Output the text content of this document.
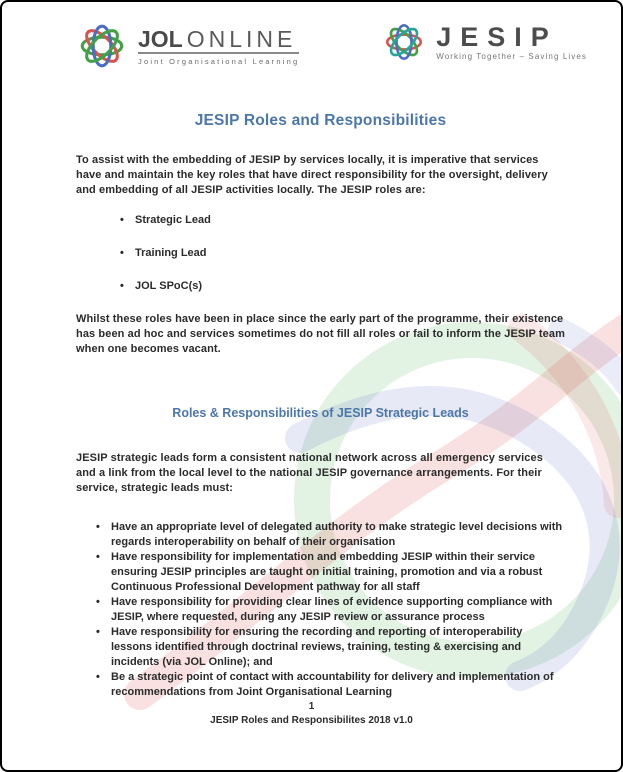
JOL ONLINE
Joint Organisational Learning
JESIP
Working Together – Saving Lives
JESIP Roles and Responsibilities

To assist with the embedding of JESIP by services locally, it is imperative that services have and maintain the key roles that have direct responsibility for the oversight, delivery and embedding of all JESIP activities locally. The JESIP roles are:

• Strategic Lead
• Training Lead
• JOL SPoC(s)

Whilst these roles have been in place since the early part of the programme, their existence has been ad hoc and services sometimes do not fill all roles or fail to inform the JESIP team when one becomes vacant.

Roles & Responsibilities of JESIP Strategic Leads

JESIP strategic leads form a consistent national network across all emergency services and a link from the local level to the national JESIP governance arrangements. For their service, strategic leads must:

• Have an appropriate level of delegated authority to make strategic level decisions with regards interoperability on behalf of their organisation
• Have responsibility for implementation and embedding JESIP within their service ensuring JESIP principles are taught on initial training, promotion and via a robust Continuous Professional Development pathway for all staff
• Have responsibility for providing clear lines of evidence supporting compliance with JESIP, where requested, during any JESIP review or assurance process
• Have responsibility for ensuring the recording and reporting of interoperability lessons identified through doctrinal reviews, training, testing & exercising and incidents (via JOL Online); and
• Be a strategic point of contact with accountability for delivery and implementation of recommendations from Joint Organisational Learning
1
JESIP Roles and Responsibilites 2018 v1.0
